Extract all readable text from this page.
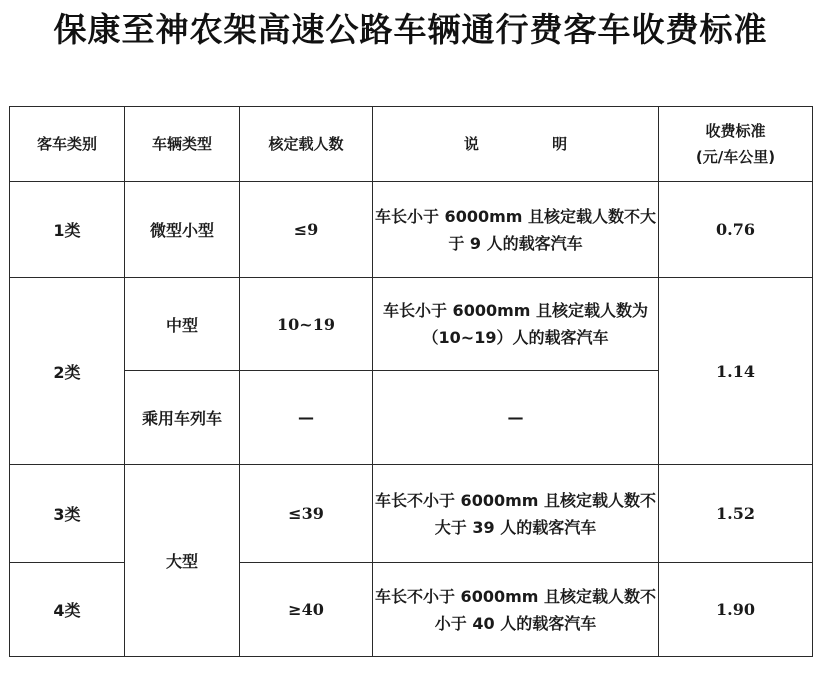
保康至神农架高速公路车辆通行费客车收费标准
客车类别	车辆类型	核定载人数	说 明	收费标准
(元/车公里)

1类	微型小型	≤9	车长小于 6000mm 且核定载人数不大于 9 人的载客汽车	0.76
2类	中型	10~19	车长小于 6000mm 且核定载人数为（10~19）人的载客汽车	1.14
	乘用车列车	—	—	
3类	大型	≤39	车长不小于 6000mm 且核定载人数不大于 39 人的载客汽车	1.52
4类		≥40	车长不小于 6000mm 且核定载人数不小于 40 人的载客汽车	1.90
